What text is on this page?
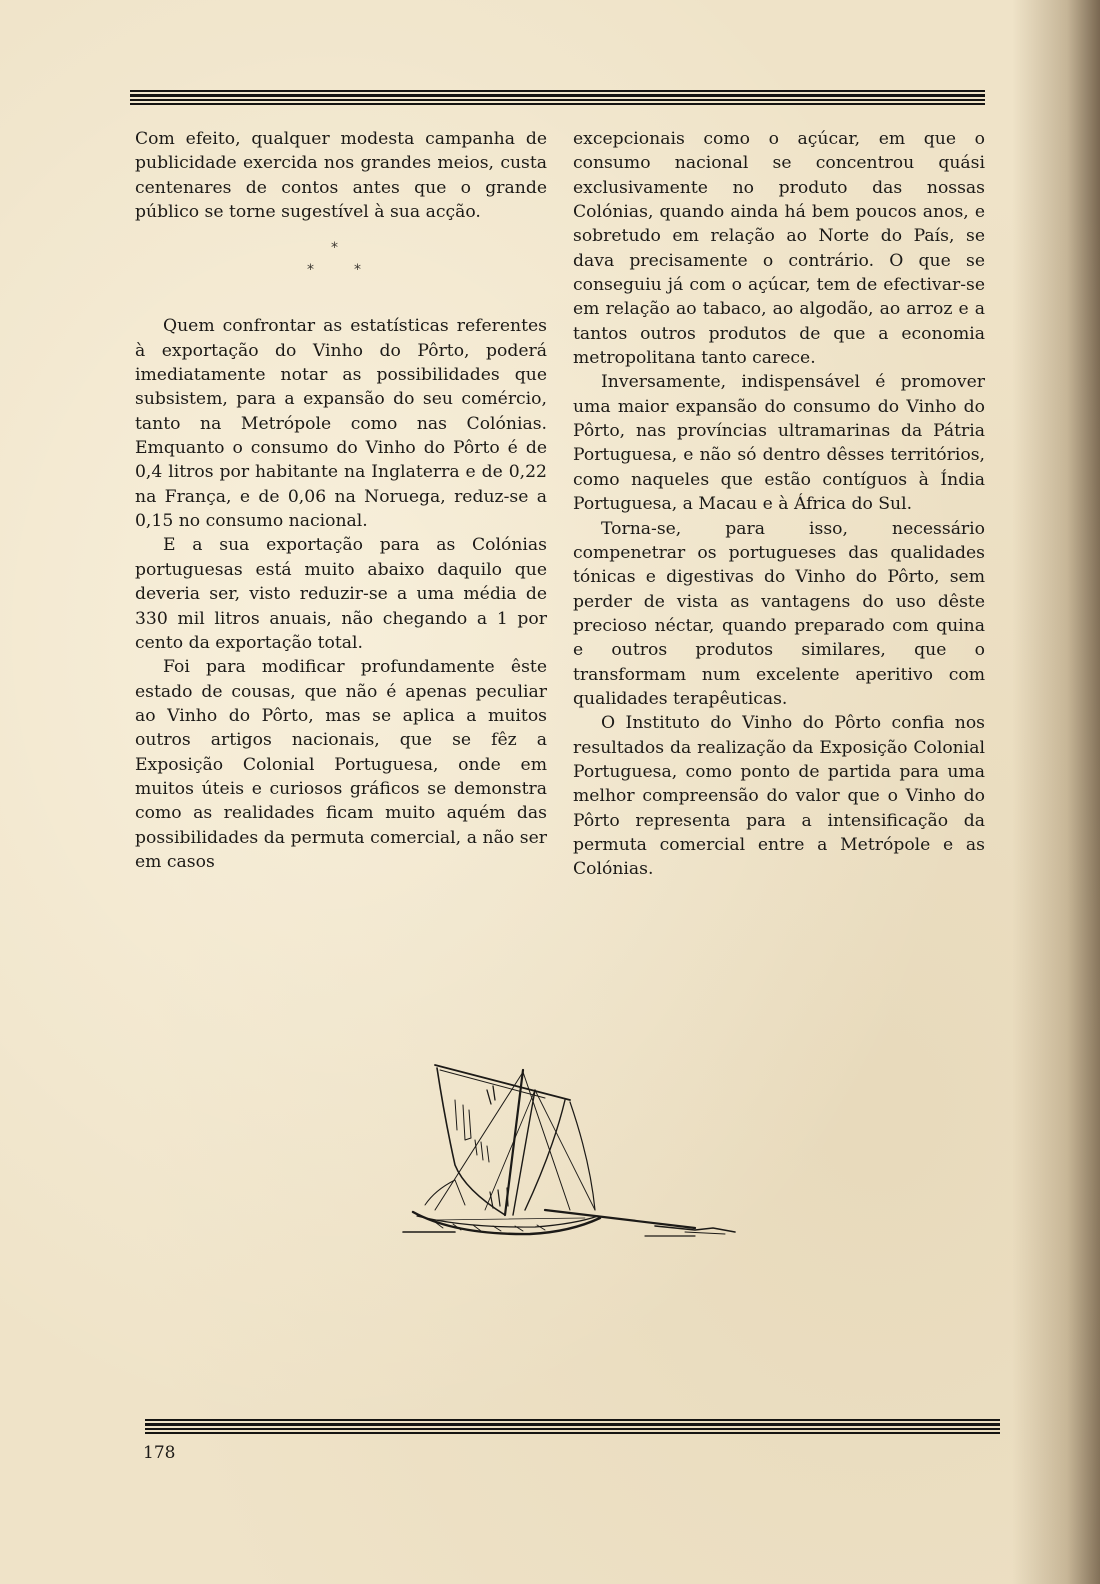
Com efeito, qualquer modesta campanha de publicidade exercida nos grandes meios, custa centenares de contos antes que o grande público se torne sugestível à sua acção.

*
*	*

Quem confrontar as estatísticas referentes à exportação do Vinho do Pôrto, poderá imediatamente notar as possibilidades que subsistem, para a expansão do seu comércio, tanto na Metrópole como nas Colónias. Emquanto o consumo do Vinho do Pôrto é de 0,4 litros por habitante na Inglaterra e de 0,22 na França, e de 0,06 na Noruega, reduz-se a 0,15 no consumo nacional.

E a sua exportação para as Colónias portuguesas está muito abaixo daquilo que deveria ser, visto reduzir-se a uma média de 330 mil litros anuais, não chegando a 1 por cento da exportação total.

Foi para modificar profundamente êste estado de cousas, que não é apenas peculiar ao Vinho do Pôrto, mas se aplica a muitos outros artigos nacionais, que se fêz a Exposição Colonial Portuguesa, onde em muitos úteis e curiosos gráficos se demonstra como as realidades ficam muito aquém das possibilidades da permuta comercial, a não ser em casos

excepcionais como o açúcar, em que o consumo nacional se concentrou quási exclusivamente no produto das nossas Colónias, quando ainda há bem poucos anos, e sobretudo em relação ao Norte do País, se dava precisamente o contrário. O que se conseguiu já com o açúcar, tem de efectivar-se em relação ao tabaco, ao algodão, ao arroz e a tantos outros produtos de que a economia metropolitana tanto carece.

Inversamente, indispensável é promover uma maior expansão do consumo do Vinho do Pôrto, nas províncias ultramarinas da Pátria Portuguesa, e não só dentro dêsses territórios, como naqueles que estão contíguos à Índia Portuguesa, a Macau e à África do Sul.

Torna-se, para isso, necessário compenetrar os portugueses das qualidades tónicas e digestivas do Vinho do Pôrto, sem perder de vista as vantagens do uso dêste precioso néctar, quando preparado com quina e outros produtos similares, que o transformam num excelente aperitivo com qualidades terapêuticas.

O Instituto do Vinho do Pôrto confia nos resultados da realização da Exposição Colonial Portuguesa, como ponto de partida para uma melhor compreensão do valor que o Vinho do Pôrto representa para a intensificação da permuta comercial entre a Metrópole e as Colónias.

178
